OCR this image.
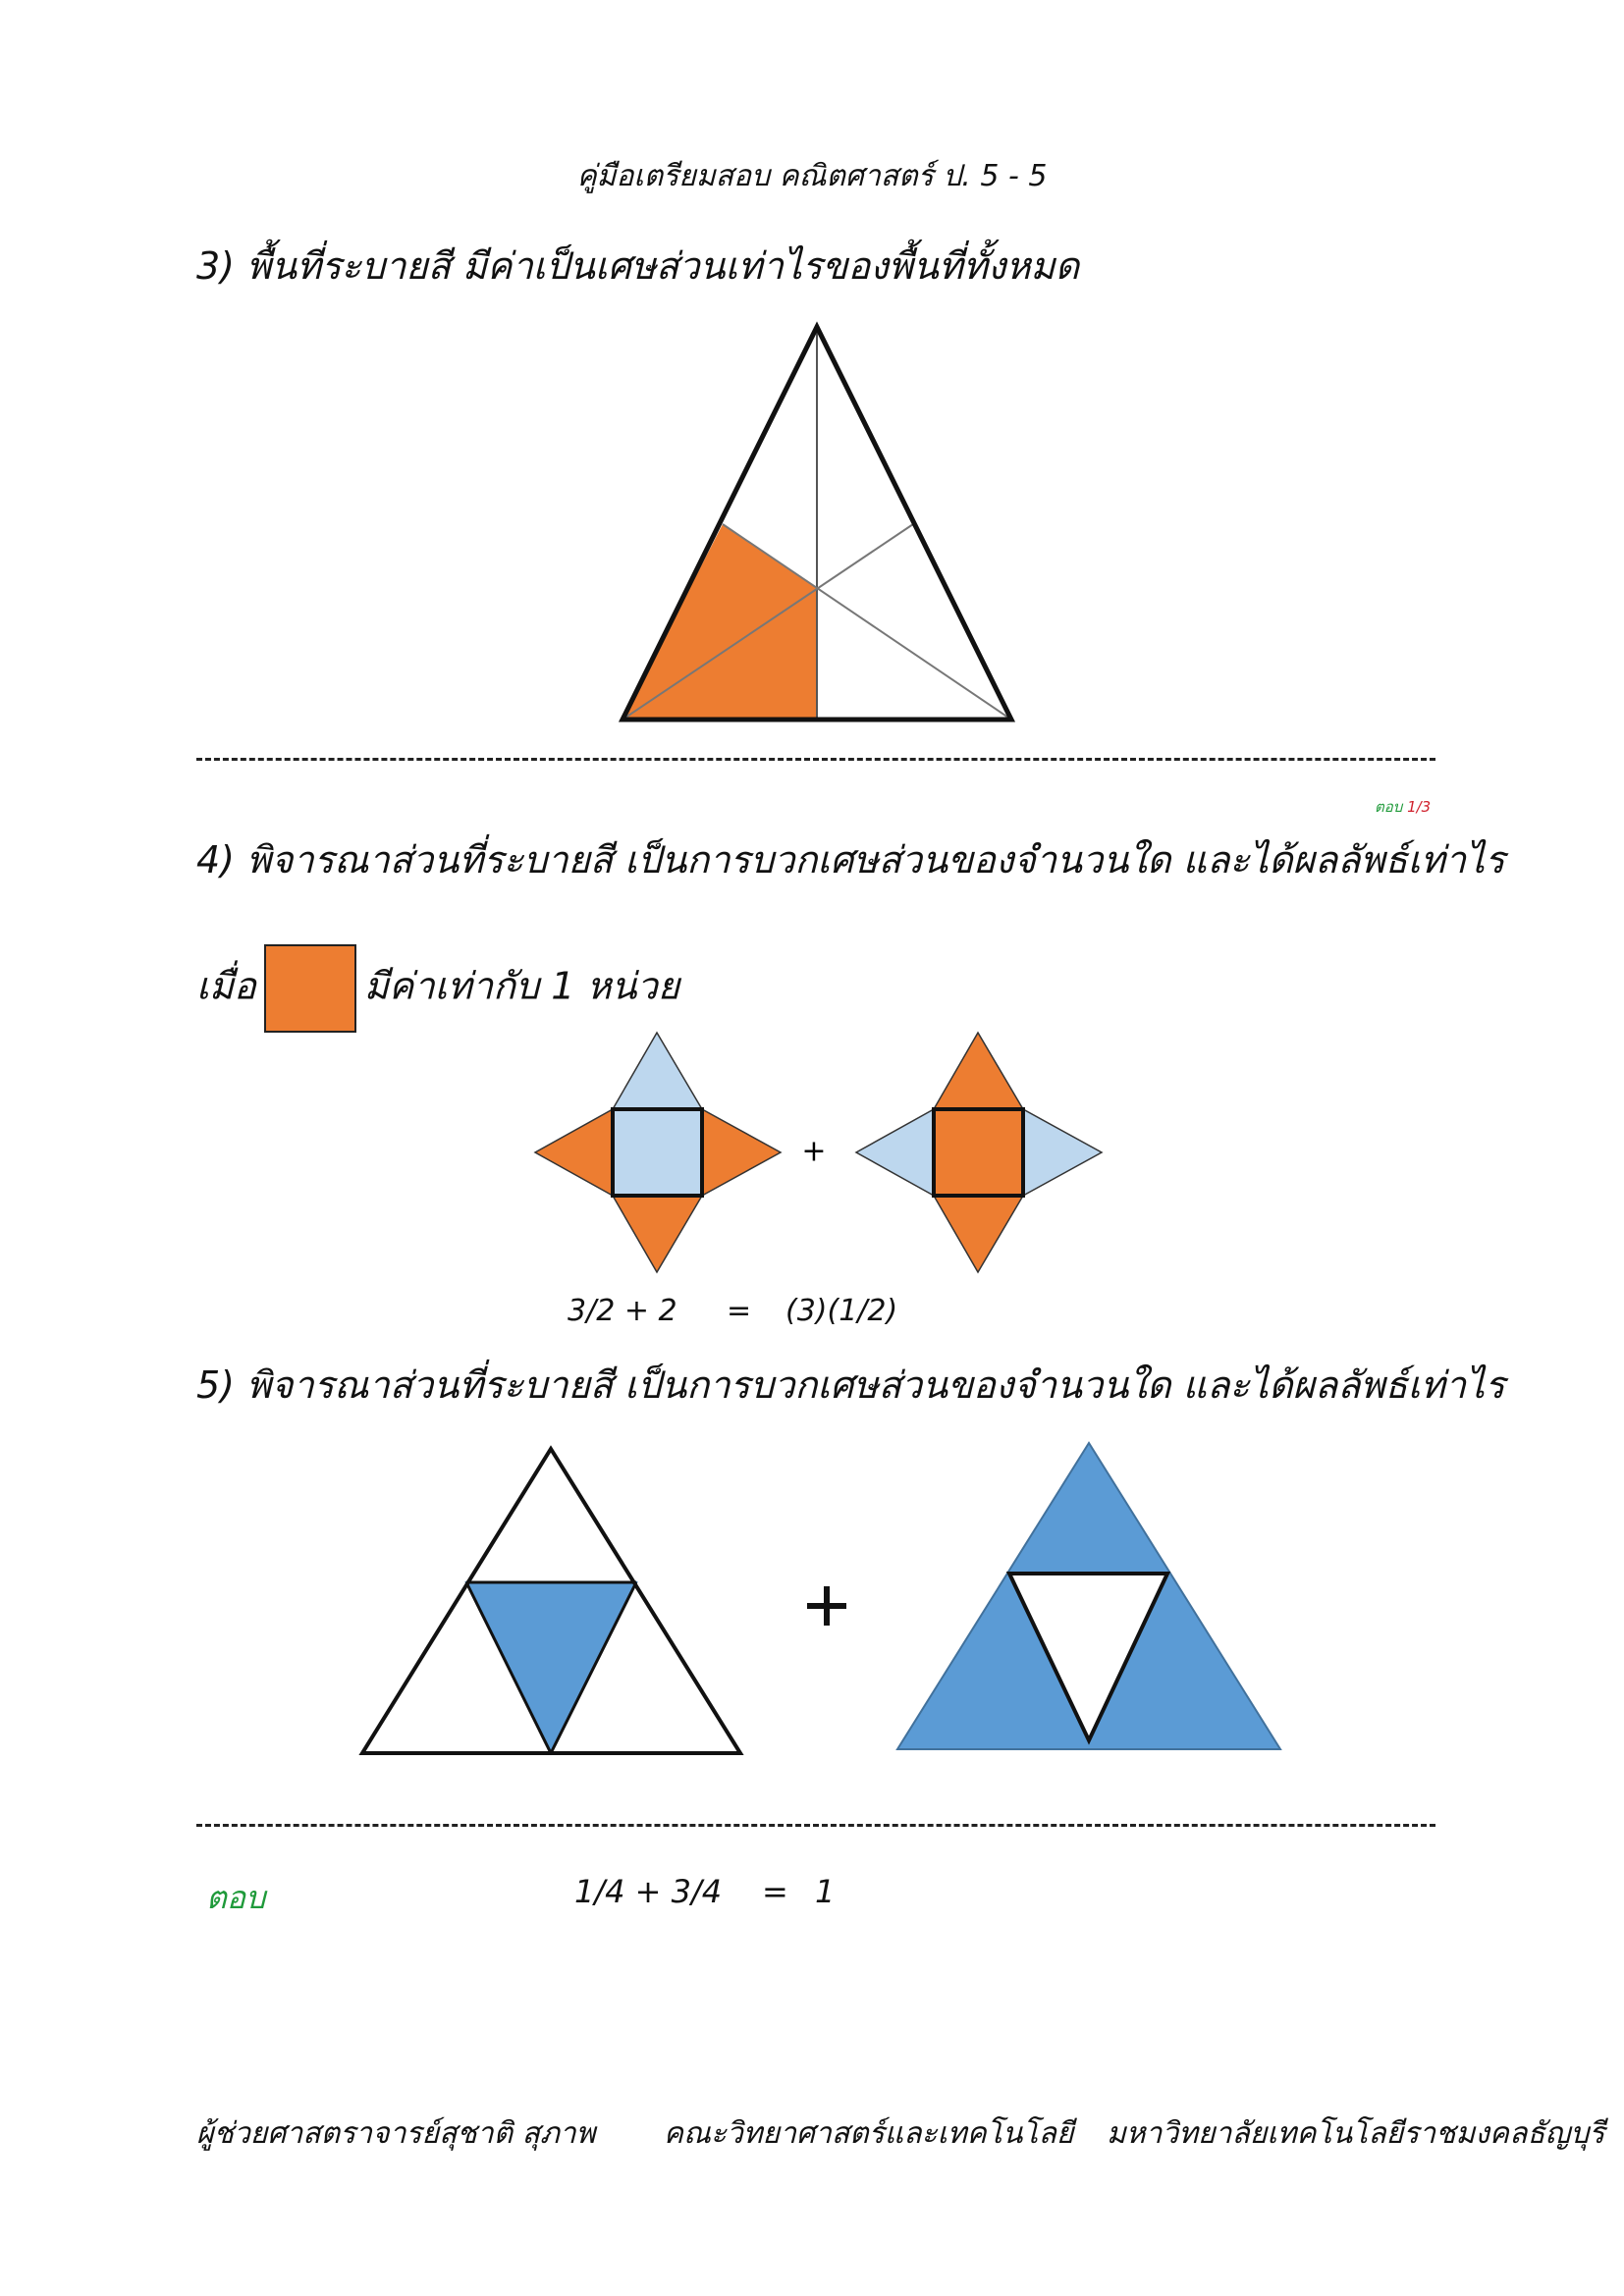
คู่มือเตรียมสอบ คณิตศาสตร์ ป. 5 - 5
3) พื้นที่ระบายสี มีค่าเป็นเศษส่วนเท่าไรของพื้นที่ทั้งหมด
ตอบ 1/3
4) พิจารณาส่วนที่ระบายสี เป็นการบวกเศษส่วนของจำนวนใด และได้ผลลัพธ์เท่าไร
เมื่อ	มีค่าเท่ากับ 1 หน่วย
+
3/2 + 2 = (3)(1/2)
5) พิจารณาส่วนที่ระบายสี เป็นการบวกเศษส่วนของจำนวนใด และได้ผลลัพธ์เท่าไร
ตอบ	1/4 + 3/4 = 1
ผู้ช่วยศาสตราจารย์สุชาติ สุภาพ คณะวิทยาศาสตร์และเทคโนโลยี มหาวิทยาลัยเทคโนโลยีราชมงคลธัญบุรี
